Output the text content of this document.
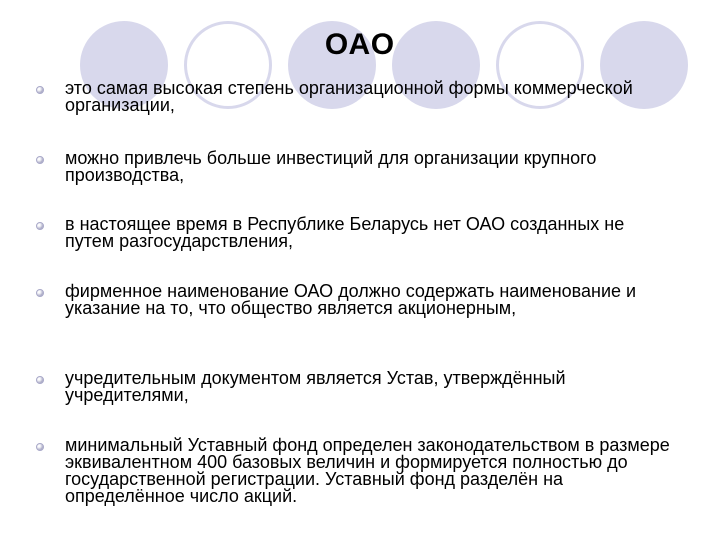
ОАО
это самая высокая степень организационной формы коммерческой организации,
можно привлечь больше инвестиций для организации крупного производства,
в настоящее время в Республике Беларусь нет ОАО созданных не путем разгосударствления,
фирменное наименование ОАО должно содержать наименование и указание на то, что общество является акционерным,
учредительным документом является Устав, утверждённый учредителями,
минимальный Уставный фонд определен законодательством в размере эквивалентном 400 базовых величин и формируется полностью до государственной регистрации. Уставный фонд разделён на определённое число акций.
